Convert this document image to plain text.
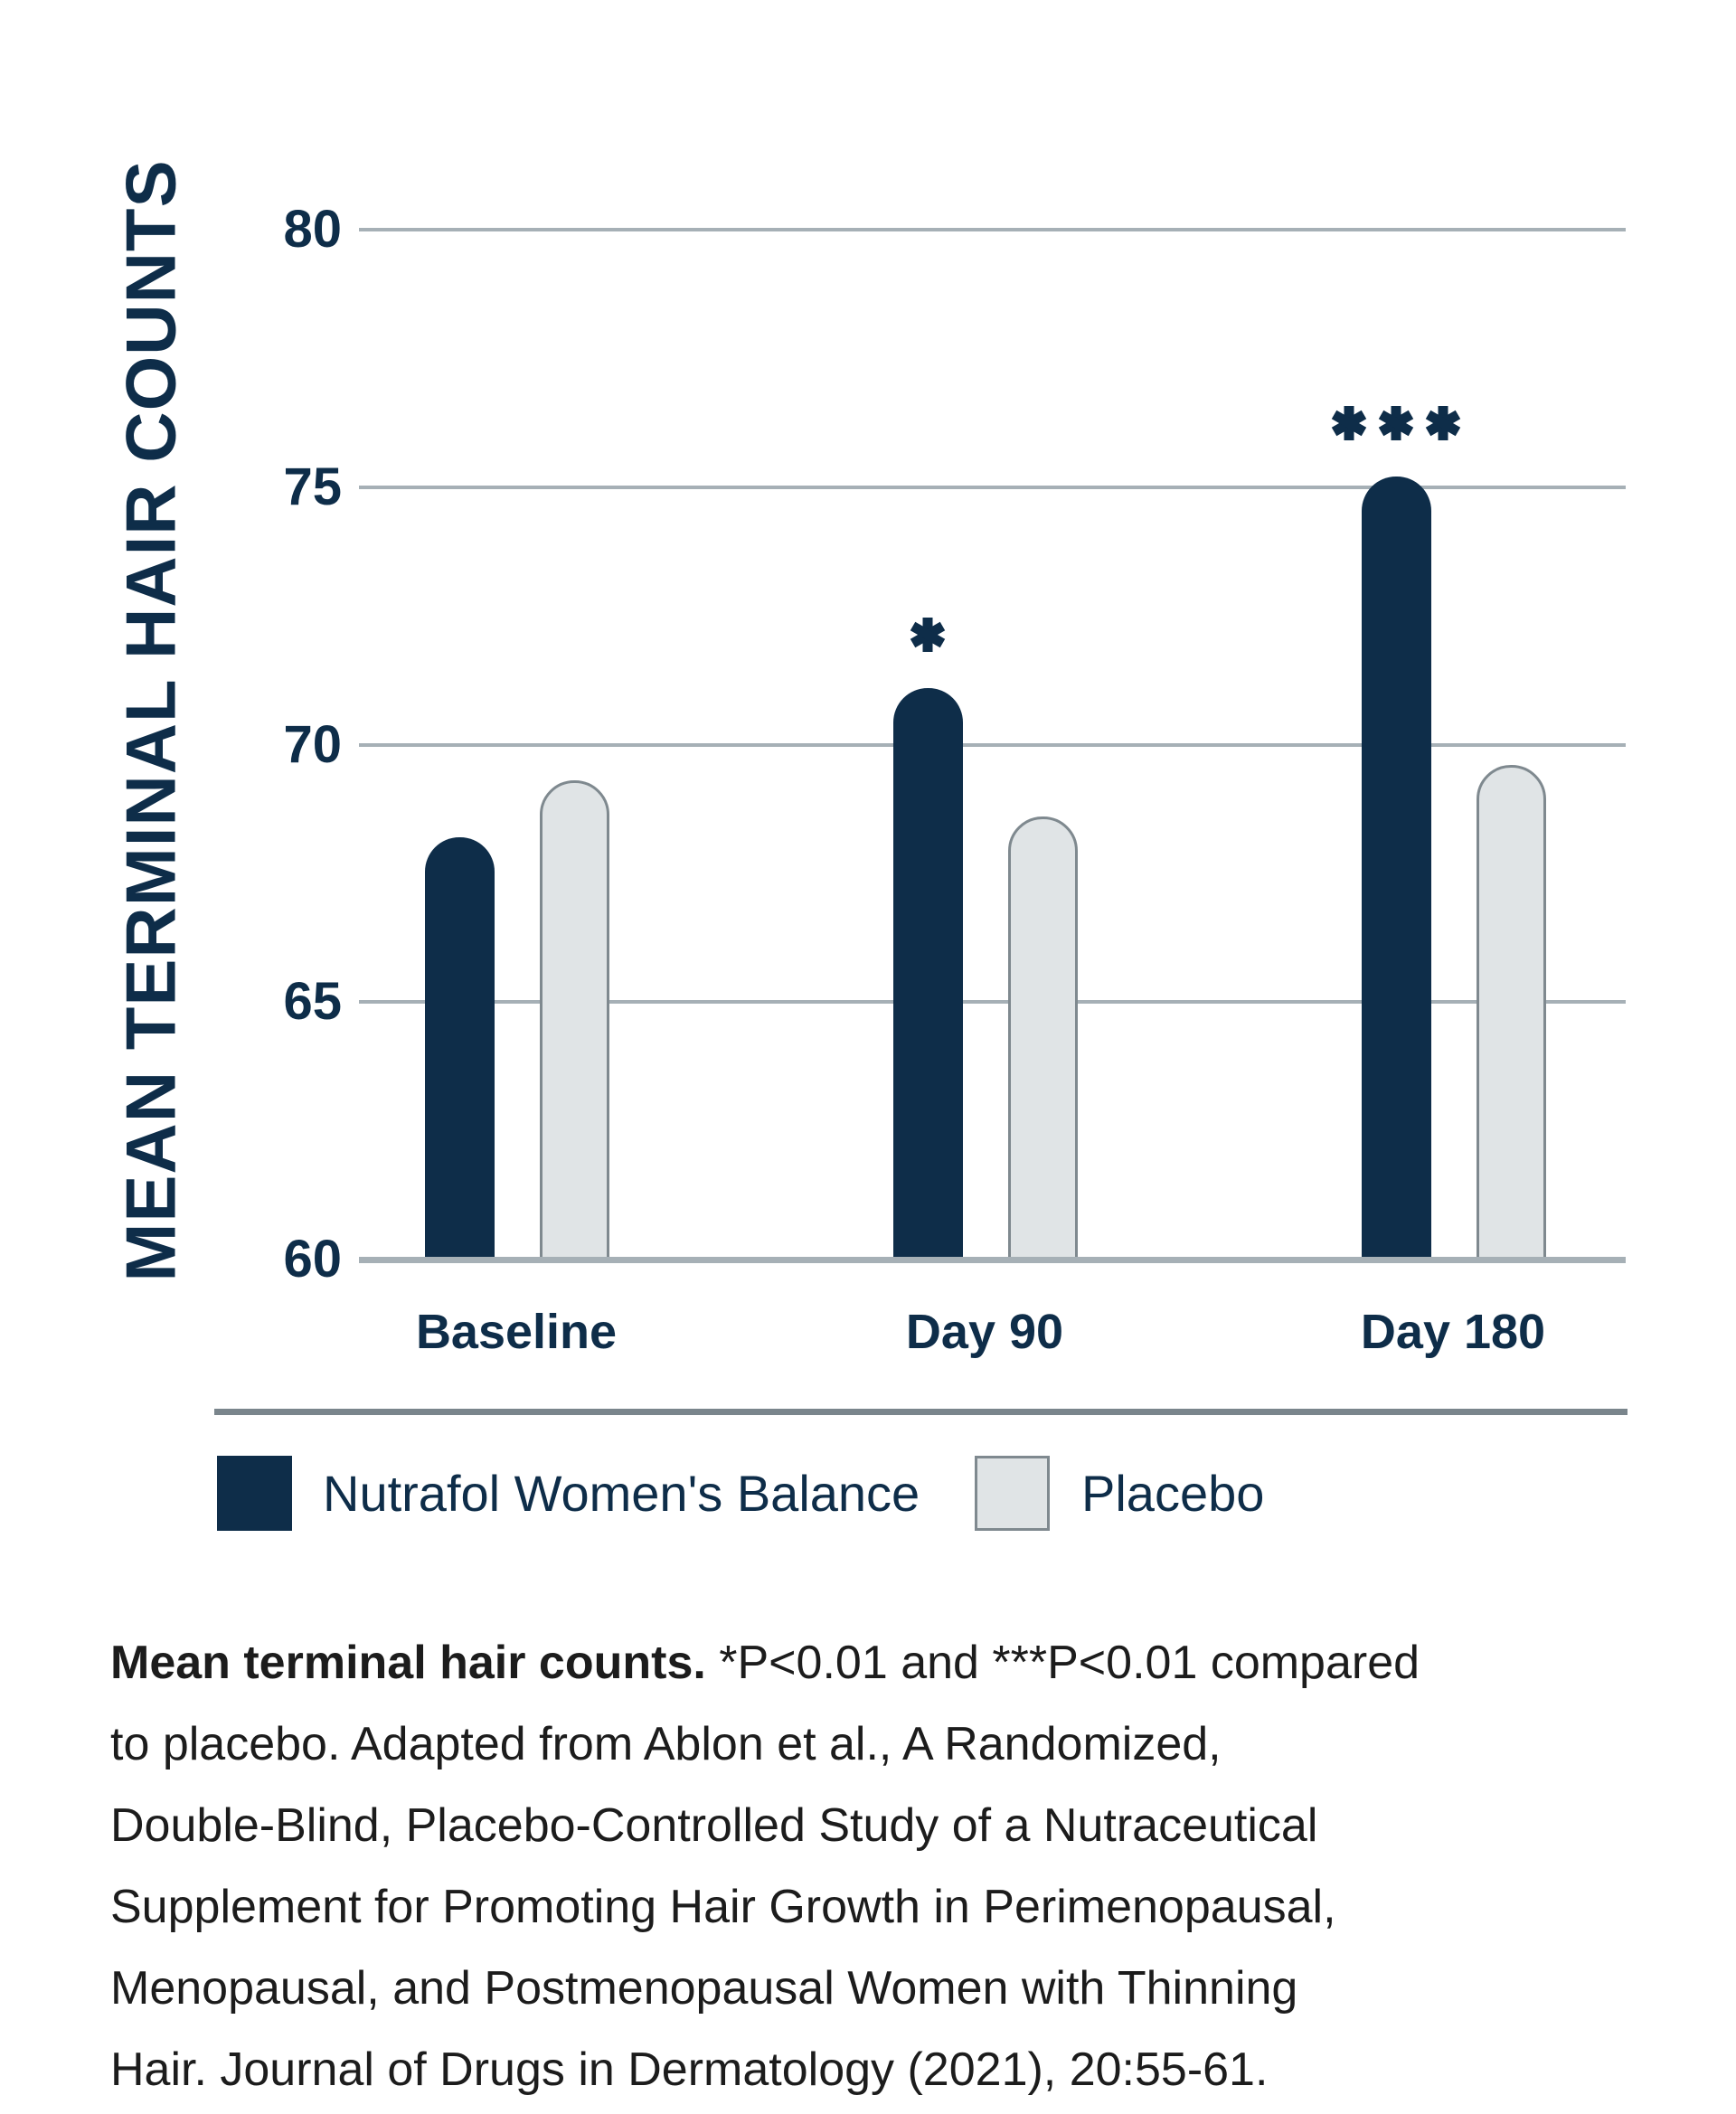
MEAN TERMINAL HAIR COUNTS	80
75
70
65
60
Baseline	Day 90	Day 180
Nutrafol Women's Balance	Placebo
Mean terminal hair counts. *P<0.01 and ***P<0.01 compared
to placebo. Adapted from Ablon et al., A Randomized,
Double-Blind, Placebo-Controlled Study of a Nutraceutical
Supplement for Promoting Hair Growth in Perimenopausal,
Menopausal, and Postmenopausal Women with Thinning
Hair. Journal of Drugs in Dermatology (2021), 20:55-61.
